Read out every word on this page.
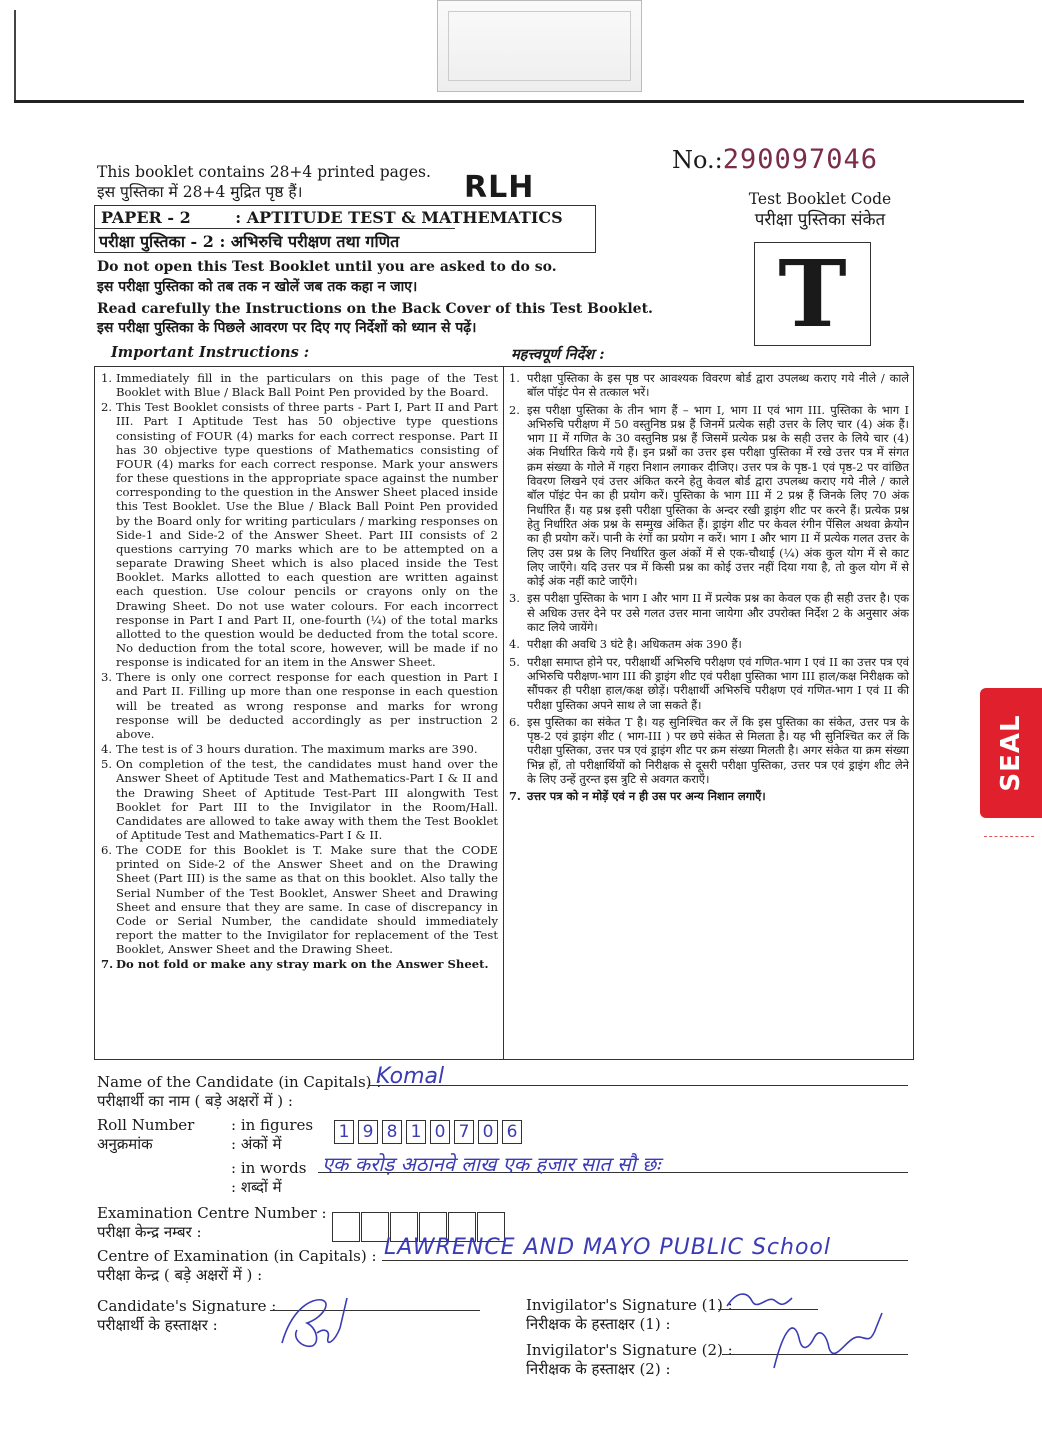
This booklet contains 28+4 printed pages.
इस पुस्तिका में 28+4 मुद्रित पृष्ठ हैं।	RLH
No.:290097046
Test Booklet Code
परीक्षा पुस्तिका संकेत
T
PAPER - 2        : APTITUDE TEST & MATHEMATICS
परीक्षा पुस्तिका - 2 : अभिरुचि परीक्षण तथा गणित
Do not open this Test Booklet until you are asked to do so.
इस परीक्षा पुस्तिका को तब तक न खोलें जब तक कहा न जाए।
Read carefully the Instructions on the Back Cover of this Test Booklet.
इस परीक्षा पुस्तिका के पिछले आवरण पर दिए गए निर्देशों को ध्यान से पढ़ें।
Important Instructions :	महत्त्वपूर्ण निर्देश :
1. Immediately fill in the particulars on this page of the Test Booklet with Blue / Black Ball Point Pen provided by the Board.
2. This Test Booklet consists of three parts - Part I, Part II and Part III. Part I Aptitude Test has 50 objective type questions consisting of FOUR (4) marks for each correct response. Part II has 30 objective type questions of Mathematics consisting of FOUR (4) marks for each correct response. Mark your answers for these questions in the appropriate space against the number corresponding to the question in the Answer Sheet placed inside this Test Booklet. Use the Blue / Black Ball Point Pen provided by the Board only for writing particulars / marking responses on Side-1 and Side-2 of the Answer Sheet. Part III consists of 2 questions carrying 70 marks which are to be attempted on a separate Drawing Sheet which is also placed inside the Test Booklet. Marks allotted to each question are written against each question. Use colour pencils or crayons only on the Drawing Sheet. Do not use water colours. For each incorrect response in Part I and Part II, one-fourth (¼) of the total marks allotted to the question would be deducted from the total score. No deduction from the total score, however, will be made if no response is indicated for an item in the Answer Sheet.
3. There is only one correct response for each question in Part I and Part II. Filling up more than one response in each question will be treated as wrong response and marks for wrong response will be deducted accordingly as per instruction 2 above.
4. The test is of 3 hours duration. The maximum marks are 390.
5. On completion of the test, the candidates must hand over the Answer Sheet of Aptitude Test and Mathematics-Part I & II and the Drawing Sheet of Aptitude Test-Part III alongwith Test Booklet for Part III to the Invigilator in the Room/Hall. Candidates are allowed to take away with them the Test Booklet of Aptitude Test and Mathematics-Part I & II.
6. The CODE for this Booklet is T. Make sure that the CODE printed on Side-2 of the Answer Sheet and on the Drawing Sheet (Part III) is the same as that on this booklet. Also tally the Serial Number of the Test Booklet, Answer Sheet and Drawing Sheet and ensure that they are same. In case of discrepancy in Code or Serial Number, the candidate should immediately report the matter to the Invigilator for replacement of the Test Booklet, Answer Sheet and the Drawing Sheet.
7. Do not fold or make any stray mark on the Answer Sheet.
1. परीक्षा पुस्तिका के इस पृष्ठ पर आवश्यक विवरण बोर्ड द्वारा उपलब्ध कराए गये नीले / काले बॉल पॉइंट पेन से तत्काल भरें।
2. इस परीक्षा पुस्तिका के तीन भाग हैं – भाग I, भाग II एवं भाग III. पुस्तिका के भाग I अभिरुचि परीक्षण में 50 वस्तुनिष्ठ प्रश्न हैं जिनमें प्रत्येक सही उत्तर के लिए चार (4) अंक हैं। भाग II में गणित के 30 वस्तुनिष्ठ प्रश्न हैं जिसमें प्रत्येक प्रश्न के सही उत्तर के लिये चार (4) अंक निर्धारित किये गये हैं। इन प्रश्नों का उत्तर इस परीक्षा पुस्तिका में रखे उत्तर पत्र में संगत क्रम संख्या के गोले में गहरा निशान लगाकर दीजिए। उत्तर पत्र के पृष्ठ-1 एवं पृष्ठ-2 पर वांछित विवरण लिखने एवं उत्तर अंकित करने हेतु केवल बोर्ड द्वारा उपलब्ध कराए गये नीले / काले बॉल पॉइंट पेन का ही प्रयोग करें। पुस्तिका के भाग III में 2 प्रश्न हैं जिनके लिए 70 अंक निर्धारित हैं। यह प्रश्न इसी परीक्षा पुस्तिका के अन्दर रखी ड्राइंग शीट पर करने हैं। प्रत्येक प्रश्न हेतु निर्धारित अंक प्रश्न के सम्मुख अंकित हैं। ड्राइंग शीट पर केवल रंगीन पेंसिल अथवा क्रेयोन का ही प्रयोग करें। पानी के रंगों का प्रयोग न करें। भाग I और भाग II में प्रत्येक गलत उत्तर के लिए उस प्रश्न के लिए निर्धारित कुल अंकों में से एक-चौथाई (¼) अंक कुल योग में से काट लिए जाएँगे। यदि उत्तर पत्र में किसी प्रश्न का कोई उत्तर नहीं दिया गया है, तो कुल योग में से कोई अंक नहीं काटे जाएँगे।
3. इस परीक्षा पुस्तिका के भाग I और भाग II में प्रत्येक प्रश्न का केवल एक ही सही उत्तर है। एक से अधिक उत्तर देने पर उसे गलत उत्तर माना जायेगा और उपरोक्त निर्देश 2 के अनुसार अंक काट लिये जायेंगे।
4. परीक्षा की अवधि 3 घंटे है। अधिकतम अंक 390 हैं।
5. परीक्षा समाप्त होने पर, परीक्षार्थी अभिरुचि परीक्षण एवं गणित-भाग I एवं II का उत्तर पत्र एवं अभिरुचि परीक्षण-भाग III की ड्राइंग शीट एवं परीक्षा पुस्तिका भाग III हाल/कक्ष निरीक्षक को सौंपकर ही परीक्षा हाल/कक्ष छोड़ें। परीक्षार्थी अभिरुचि परीक्षण एवं गणित-भाग I एवं II की परीक्षा पुस्तिका अपने साथ ले जा सकते हैं।
6. इस पुस्तिका का संकेत T है। यह सुनिश्चित कर लें कि इस पुस्तिका का संकेत, उत्तर पत्र के पृष्ठ-2 एवं ड्राइंग शीट ( भाग-III ) पर छपे संकेत से मिलता है। यह भी सुनिश्चित कर लें कि परीक्षा पुस्तिका, उत्तर पत्र एवं ड्राइंग शीट पर क्रम संख्या मिलती है। अगर संकेत या क्रम संख्या भिन्न हों, तो परीक्षार्थियों को निरीक्षक से दूसरी परीक्षा पुस्तिका, उत्तर पत्र एवं ड्राइंग शीट लेने के लिए उन्हें तुरन्त इस त्रुटि से अवगत कराएँ।
7. उत्तर पत्र को न मोड़ें एवं न ही उस पर अन्य निशान लगाएँ।
Name of the Candidate (in Capitals) :
परीक्षार्थी का नाम ( बड़े अक्षरों में ) :
Komal
Roll Number
अनुक्रमांक
: in figures
: अंकों में
1 9 8 1 0 7 0 6
: in words
: शब्दों में
एक करोड़ अठानवे लाख एक हजार सात सौ छः
Examination Centre Number :
परीक्षा केन्द्र नम्बर :
Centre of Examination (in Capitals) :
परीक्षा केन्द्र ( बड़े अक्षरों में ) :
LAWRENCE AND MAYO PUBLIC School
Candidate's Signature :
परीक्षार्थी के हस्ताक्षर :
Invigilator's Signature (1) :
निरीक्षक के हस्ताक्षर (1) :
Invigilator's Signature (2) :
निरीक्षक के हस्ताक्षर (2) :
SEAL
